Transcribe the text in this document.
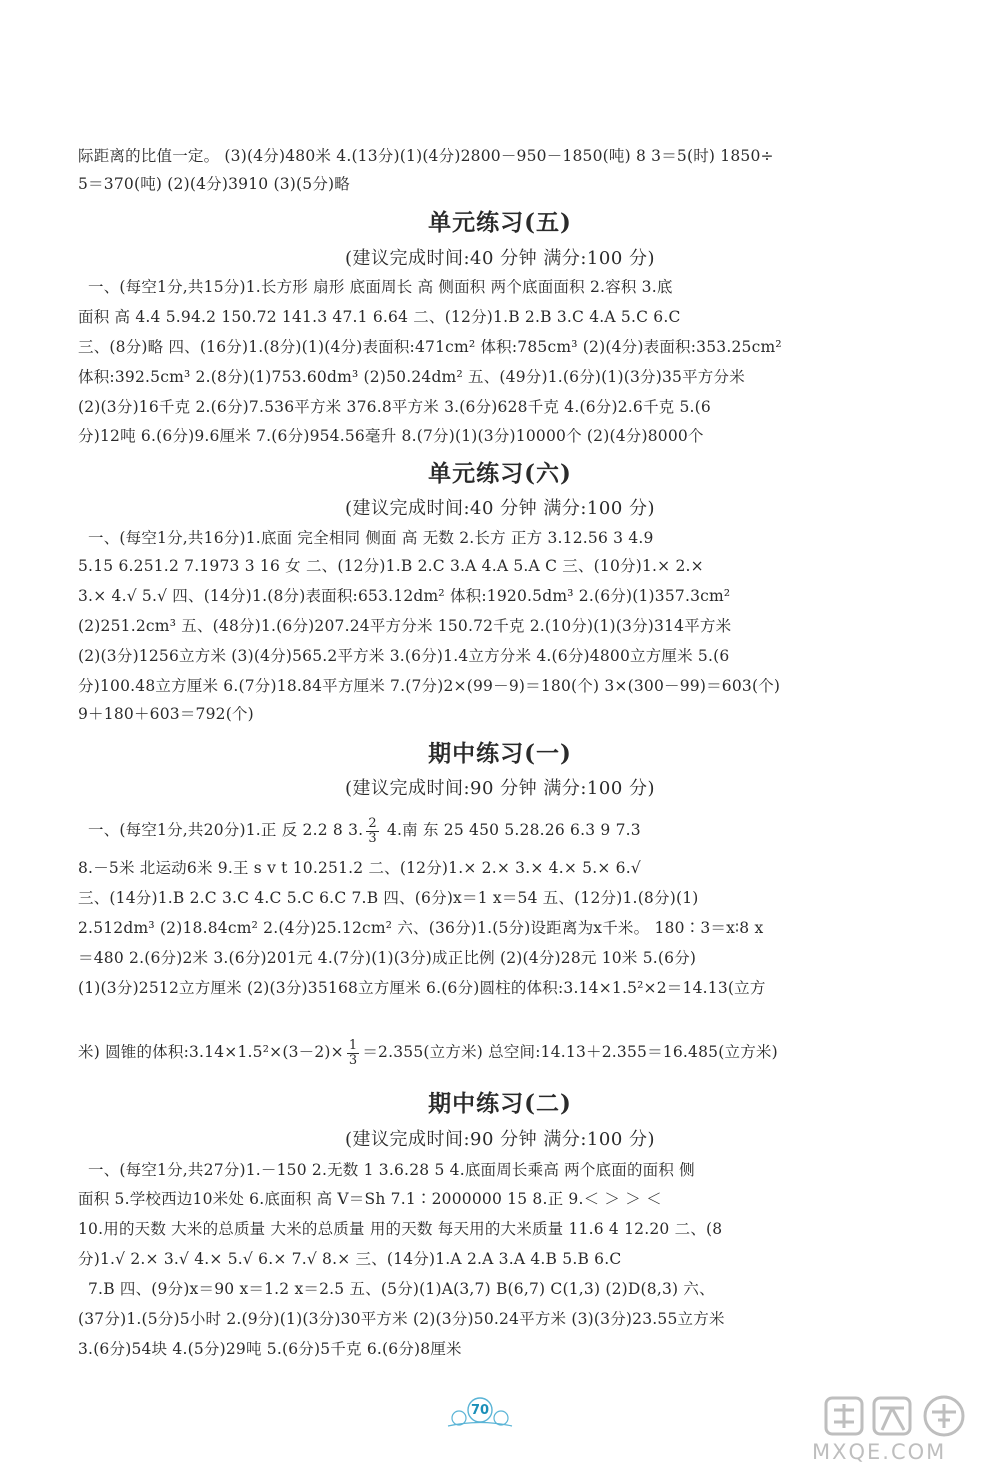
际距离的比值一定。 (3)(4分)480米 4.(13分)(1)(4分)2800－950－1850(吨) 8 3＝5(时) 1850÷
5＝370(吨) (2)(4分)3910 (3)(5分)略
单元练习(五)
(建议完成时间:40 分钟 满分:100 分)
一、(每空1分,共15分)1.长方形 扇形 底面周长 高 侧面积 两个底面面积 2.容积 3.底
面积 高 4.4 5.94.2 150.72 141.3 47.1 6.64 二、(12分)1.B 2.B 3.C 4.A 5.C 6.C
三、(8分)略 四、(16分)1.(8分)(1)(4分)表面积:471cm² 体积:785cm³ (2)(4分)表面积:353.25cm²
体积:392.5cm³ 2.(8分)(1)753.60dm³ (2)50.24dm² 五、(49分)1.(6分)(1)(3分)35平方分米
(2)(3分)16千克 2.(6分)7.536平方米 376.8平方米 3.(6分)628千克 4.(6分)2.6千克 5.(6
分)12吨 6.(6分)9.6厘米 7.(6分)954.56毫升 8.(7分)(1)(3分)10000个 (2)(4分)8000个
单元练习(六)
(建议完成时间:40 分钟 满分:100 分)
一、(每空1分,共16分)1.底面 完全相同 侧面 高 无数 2.长方 正方 3.12.56 3 4.9
5.15 6.251.2 7.1973 3 16 女 二、(12分)1.B 2.C 3.A 4.A 5.A C 三、(10分)1.× 2.×
3.× 4.√ 5.√ 四、(14分)1.(8分)表面积:653.12dm² 体积:1920.5dm³ 2.(6分)(1)357.3cm²
(2)251.2cm³ 五、(48分)1.(6分)207.24平方分米 150.72千克 2.(10分)(1)(3分)314平方米
(2)(3分)1256立方米 (3)(4分)565.2平方米 3.(6分)1.4立方分米 4.(6分)4800立方厘米 5.(6
分)100.48立方厘米 6.(7分)18.84平方厘米 7.(7分)2×(99－9)＝180(个) 3×(300－99)＝603(个)
9＋180＋603＝792(个)
期中练习(一)
(建议完成时间:90 分钟 满分:100 分)
一、(每空1分,共20分)1.正 反 2.2 8 3. $\frac{2}{3} 4$.南 东 25 450 5.28.26 6.3 9 7.3
8.－5米 北运动6米 9.王 s v t 10.251.2 二、(12分)1.× 2.× 3.× 4.× 5.× 6.√
三、(14分)1.B 2.C 3.C 4.C 5.C 6.C 7.B 四、(6分)x＝1 x＝54 五、(12分)1.(8分)(1)
2.512dm³ (2)18.84cm² 2.(4分)25.12cm² 六、(36分)1.(5分)设距离为x千米。 180∶3＝x∶8 x
＝480 2.(6分)2米 3.(6分)201元 4.(7分)(1)(3分)成正比例 (2)(4分)28元 10米 5.(6分)
(1)(3分)2512立方厘米 (2)(3分)35168立方厘米 6.(6分)圆柱的体积:3.14×1.5²×2＝14.13(立方
米) 圆锥的体积:3.14×1.5²×(3－2)× $\frac{1}{3} =2.355$(立方米) 总空间:14.13＋2.355＝16.485(立方米)
期中练习(二)
(建议完成时间:90 分钟 满分:100 分)
一、(每空1分,共27分)1.－150 2.无数 1 3.6.28 5 4.底面周长乘高 两个底面的面积 侧
面积 5.学校西边10米处 6.底面积 高 V＝Sh 7.1∶2000000 15 8.正 9.＜ ＞ ＞ ＜
10.用的天数 大米的总质量 大米的总质量 用的天数 每天用的大米质量 11.6 4 12.20 二、(8
分)1.√ 2.× 3.√ 4.× 5.√ 6.× 7.√ 8.× 三、(14分)1.A 2.A 3.A 4.B 5.B 6.C
7.B 四、(9分)x＝90 x＝1.2 x＝2.5 五、(5分)(1)A(3,7) B(6,7) C(1,3) (2)D(8,3) 六、
(37分)1.(5分)5小时 2.(9分)(1)(3分)30平方米 (2)(3分)50.24平方米 (3)(3分)23.55立方米
3.(6分)54块 4.(5分)29吨 5.(6分)5千克 6.(6分)8厘米
70
MXQE.COM
